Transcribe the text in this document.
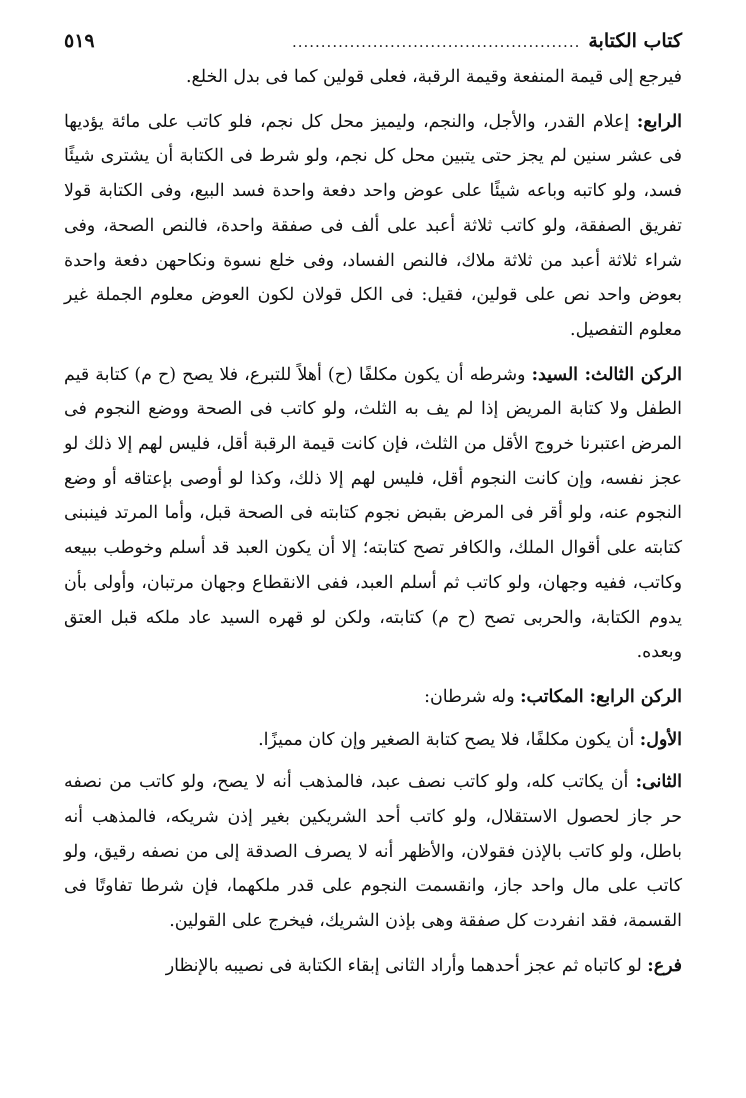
كتاب الكتابة
..................................................
٥١٩

فيرجع إلى قيمة المنفعة وقيمة الرقبة، فعلى قولين كما فى بدل الخلع.

الرابع: إعلام القدر، والأجل، والنجم، وليميز محل كل نجم، فلو كاتب على مائة يؤديها فى عشر سنين لم يجز حتى يتبين محل كل نجم، ولو شرط فى الكتابة أن يشترى شيئًا فسد، ولو كاتبه وباعه شيئًا على عوض واحد دفعة واحدة فسد البيع، وفى الكتابة قولا تفريق الصفقة، ولو كاتب ثلاثة أعبد على ألف فى صفقة واحدة، فالنص الصحة، وفى شراء ثلاثة أعبد من ثلاثة ملاك، فالنص الفساد، وفى خلع نسوة ونكاحهن دفعة واحدة بعوض واحد نص على قولين، فقيل: فى الكل قولان لكون العوض معلوم الجملة غير معلوم التفصيل.

الركن الثالث: السيد: وشرطه أن يكون مكلفًا (ح) أهلاً للتبرع، فلا يصح (ح م) كتابة قيم الطفل ولا كتابة المريض إذا لم يف به الثلث، ولو كاتب فى الصحة ووضع النجوم فى المرض اعتبرنا خروج الأقل من الثلث، فإن كانت قيمة الرقبة أقل، فليس لهم إلا ذلك لو عجز نفسه، وإن كانت النجوم أقل، فليس لهم إلا ذلك، وكذا لو أوصى بإعتاقه أو وضع النجوم عنه، ولو أقر فى المرض بقبض نجوم كتابته فى الصحة قبل، وأما المرتد فينبنى كتابته على أقوال الملك، والكافر تصح كتابته؛ إلا أن يكون العبد قد أسلم وخوطب ببيعه وكاتب، ففيه وجهان، ولو كاتب ثم أسلم العبد، ففى الانقطاع وجهان مرتبان، وأولى بأن يدوم الكتابة، والحربى تصح (ح م) كتابته، ولكن لو قهره السيد عاد ملكه قبل العتق وبعده.

الركن الرابع: المكاتب: وله شرطان:

الأول: أن يكون مكلفًا، فلا يصح كتابة الصغير وإن كان مميزًا.

الثانى: أن يكاتب كله، ولو كاتب نصف عبد، فالمذهب أنه لا يصح، ولو كاتب من نصفه حر جاز لحصول الاستقلال، ولو كاتب أحد الشريكين بغير إذن شريكه، فالمذهب أنه باطل، ولو كاتب بالإذن فقولان، والأظهر أنه لا يصرف الصدقة إلى من نصفه رقيق، ولو كاتب على مال واحد جاز، وانقسمت النجوم على قدر ملكهما، فإن شرطا تفاوتًا فى القسمة، فقد انفردت كل صفقة وهى بإذن الشريك، فيخرج على القولين.

فرع: لو كاتباه ثم عجز أحدهما وأراد الثانى إبقاء الكتابة فى نصيبه بالإنظار
